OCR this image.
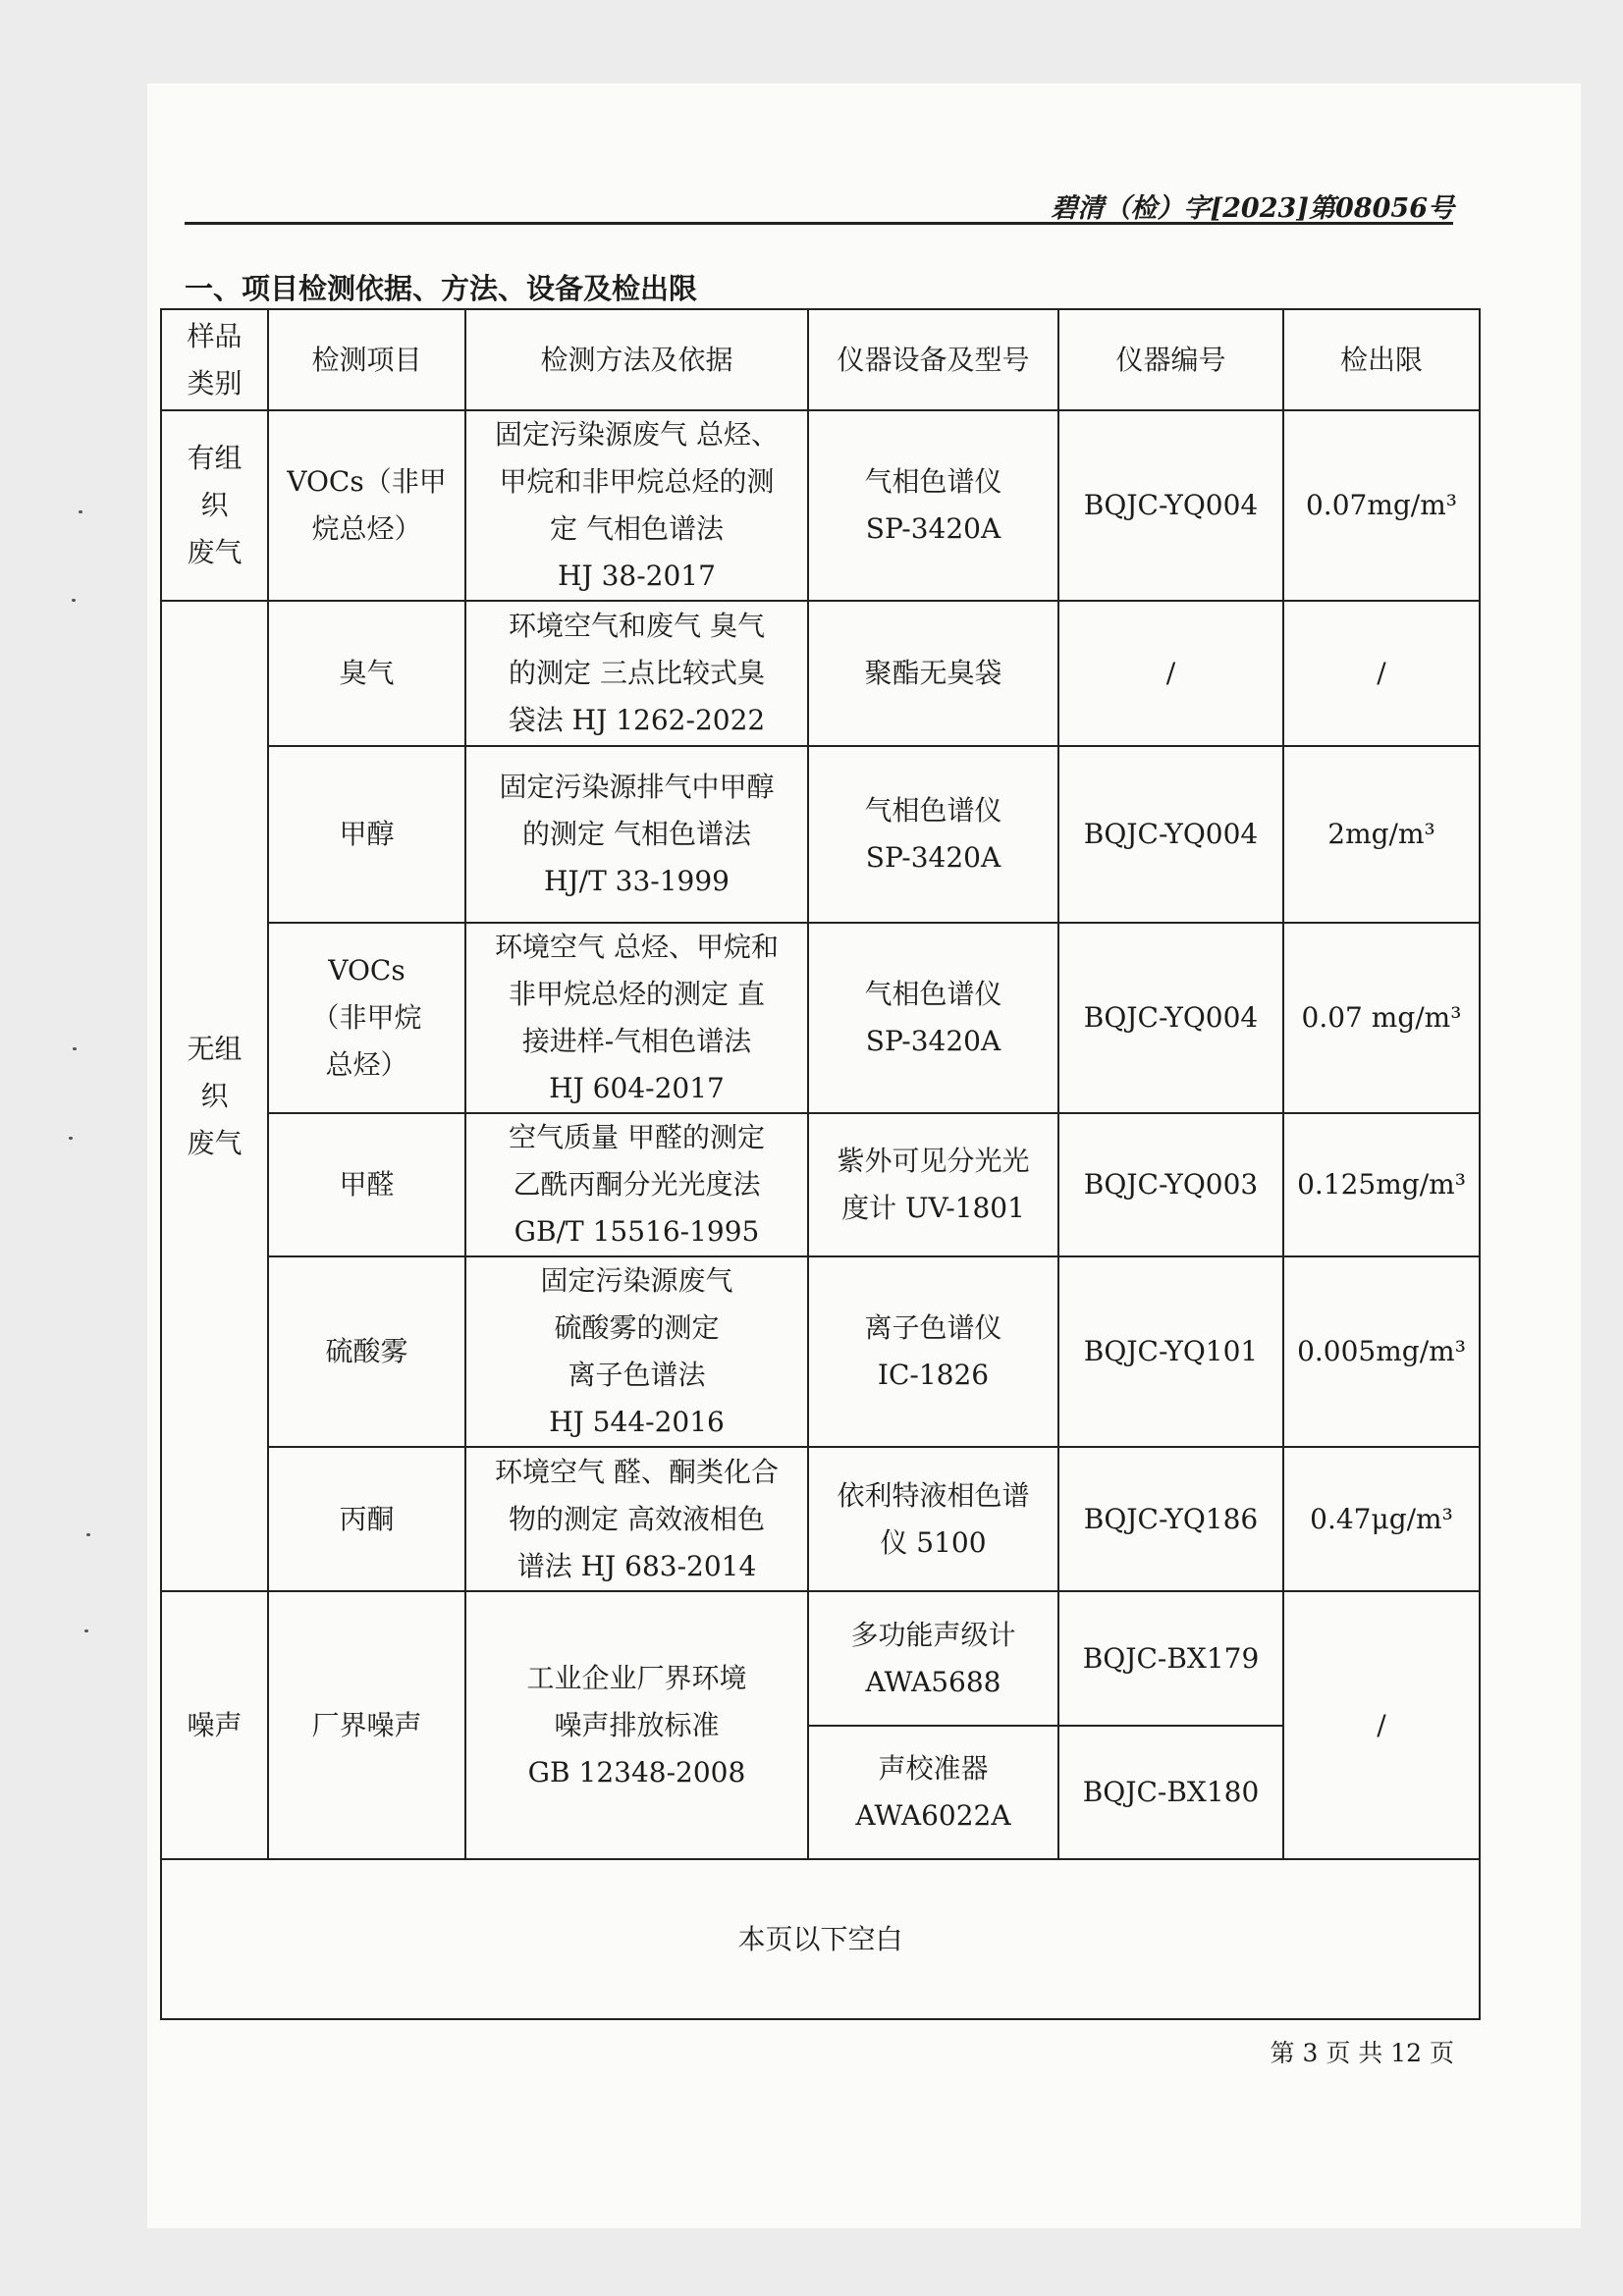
碧清（检）字[2023]第08056号
一、项目检测依据、方法、设备及检出限
样品类别	检测项目	检测方法及依据	仪器设备及型号	仪器编号	检出限

有组
织
废气	VOCs（非甲
烷总烃）	固定污染源废气 总烃、
甲烷和非甲烷总烃的测
定 气相色谱法
HJ 38-2017	气相色谱仪
SP-3420A	BQJC-YQ004	0.07mg/m³

无组
织
废气	臭气	环境空气和废气 臭气
的测定 三点比较式臭
袋法 HJ 1262-2022	聚酯无臭袋	/	/

	甲醇	固定污染源排气中甲醇
的测定 气相色谱法
HJ/T 33-1999	气相色谱仪
SP-3420A	BQJC-YQ004	2mg/m³

	VOCs
（非甲烷
总烃）	环境空气 总烃、甲烷和
非甲烷总烃的测定 直
接进样-气相色谱法
HJ 604-2017	气相色谱仪
SP-3420A	BQJC-YQ004	0.07 mg/m³

	甲醛	空气质量 甲醛的测定
乙酰丙酮分光光度法
GB/T 15516-1995	紫外可见分光光
度计 UV-1801	BQJC-YQ003	0.125mg/m³

	硫酸雾	固定污染源废气
硫酸雾的测定
离子色谱法
HJ 544-2016	离子色谱仪
IC-1826	BQJC-YQ101	0.005mg/m³

	丙酮	环境空气 醛、酮类化合
物的测定 高效液相色
谱法 HJ 683-2014	依利特液相色谱
仪 5100	BQJC-YQ186	0.47μg/m³

噪声	厂界噪声	工业企业厂界环境
噪声排放标准
GB 12348-2008	多功能声级计
AWA5688	BQJC-BX179	/

			声校准器
AWA6022A	BQJC-BX180	
本页以下空白					
第 3 页 共 12 页
